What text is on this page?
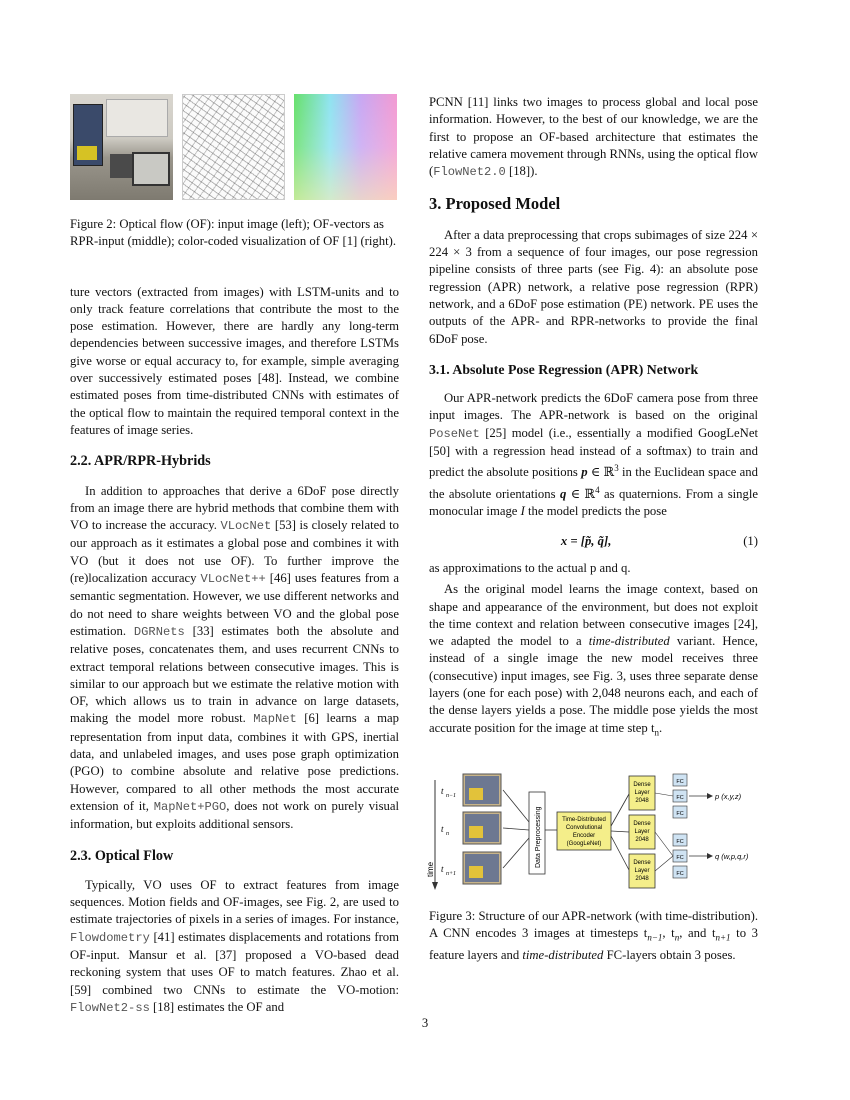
Figure 2: Optical flow (OF): input image (left); OF-vectors as RPR-input (middle); color-coded visualization of OF [1] (right).

ture vectors (extracted from images) with LSTM-units and to only track feature correlations that contribute the most to the pose estimation. However, there are hardly any long-term dependencies between successive images, and therefore LSTMs give worse or equal accuracy to, for example, simple averaging over successively estimated poses [48]. Instead, we combine estimated poses from time-distributed CNNs with estimates of the optical flow to maintain the required temporal context in the features of image series.

2.2. APR/RPR-Hybrids

In addition to approaches that derive a 6DoF pose directly from an image there are hybrid methods that combine them with VO to increase the accuracy. VLocNet [53] is closely related to our approach as it estimates a global pose and combines it with VO (but it does not use OF). To further improve the (re)localization accuracy VLocNet++ [46] uses features from a semantic segmentation. However, we use different networks and do not need to share weights between VO and the global pose estimation. DGRNets [33] estimates both the absolute and relative poses, concatenates them, and uses recurrent CNNs to extract temporal relations between consecutive images. This is similar to our approach but we estimate the relative motion with OF, which allows us to train in advance on large datasets, making the model more robust. MapNet [6] learns a map representation from input data, combines it with GPS, inertial data, and unlabeled images, and uses pose graph optimization (PGO) to combine absolute and relative pose predictions. However, compared to all other methods the most accurate extension of it, MapNet+PGO, does not work on purely visual information, but exploits additional sensors.

2.3. Optical Flow

Typically, VO uses OF to extract features from image sequences. Motion fields and OF-images, see Fig. 2, are used to estimate trajectories of pixels in a series of images. For instance, Flowdometry [41] estimates displacements and rotations from OF-input. Mansur et al. [37] proposed a VO-based dead reckoning system that uses OF to match features. Zhao et al. [59] combined two CNNs to estimate the VO-motion: FlowNet2-ss [18] estimates the OF and

PCNN [11] links two images to process global and local pose information. However, to the best of our knowledge, we are the first to propose an OF-based architecture that estimates the relative camera movement through RNNs, using the optical flow (FlowNet2.0 [18]).

3. Proposed Model

After a data preprocessing that crops subimages of size 224 × 224 × 3 from a sequence of four images, our pose regression pipeline consists of three parts (see Fig. 4): an absolute pose regression (APR) network, a relative pose regression (RPR) network, and a 6DoF pose estimation (PE) network. PE uses the outputs of the APR- and RPR-networks to provide the final 6DoF pose.

3.1. Absolute Pose Regression (APR) Network

Our APR-network predicts the 6DoF camera pose from three input images. The APR-network is based on the original PoseNet [25] model (i.e., essentially a modified GoogLeNet [50] with a regression head instead of a softmax) to train and predict the absolute positions p ∈ ℝ$^3$ in the Euclidean space and the absolute orientations q ∈ ℝ$^4$ as quaternions. From a single monocular image I the model predicts the pose

x = [p̃, q̃],	(1)

as approximations to the actual p and q.

As the original model learns the image context, based on shape and appearance of the environment, but does not exploit the time context and relation between consecutive images [24], we adapted the model to a time-distributed variant. Hence, instead of a single image the new model receives three (consecutive) input images, see Fig. 3, uses three separate dense layers (one for each pose) with 2,048 neurons each, and each of the dense layers yields a pose. The middle pose yields the most accurate position for the image at time step $t_n$.

time
t n−1
t n
t n+1
Data Preprocessing	Time-Distributed
Convolutional
Encoder
(GoogLeNet)
Dense
Layer
2048
Dense
Layer
2048
Dense
Layer
2048
FC
FC
FC
FC
FC
FC
p (x,y,z)
q (w,p,q,r)
Figure 3: Structure of our APR-network (with time-distribution). A CNN encodes 3 images at timesteps $t_{n-1}$, $t_n$, and $t_{n+1}$ to 3 feature layers and time-distributed FC-layers obtain 3 poses.
3
